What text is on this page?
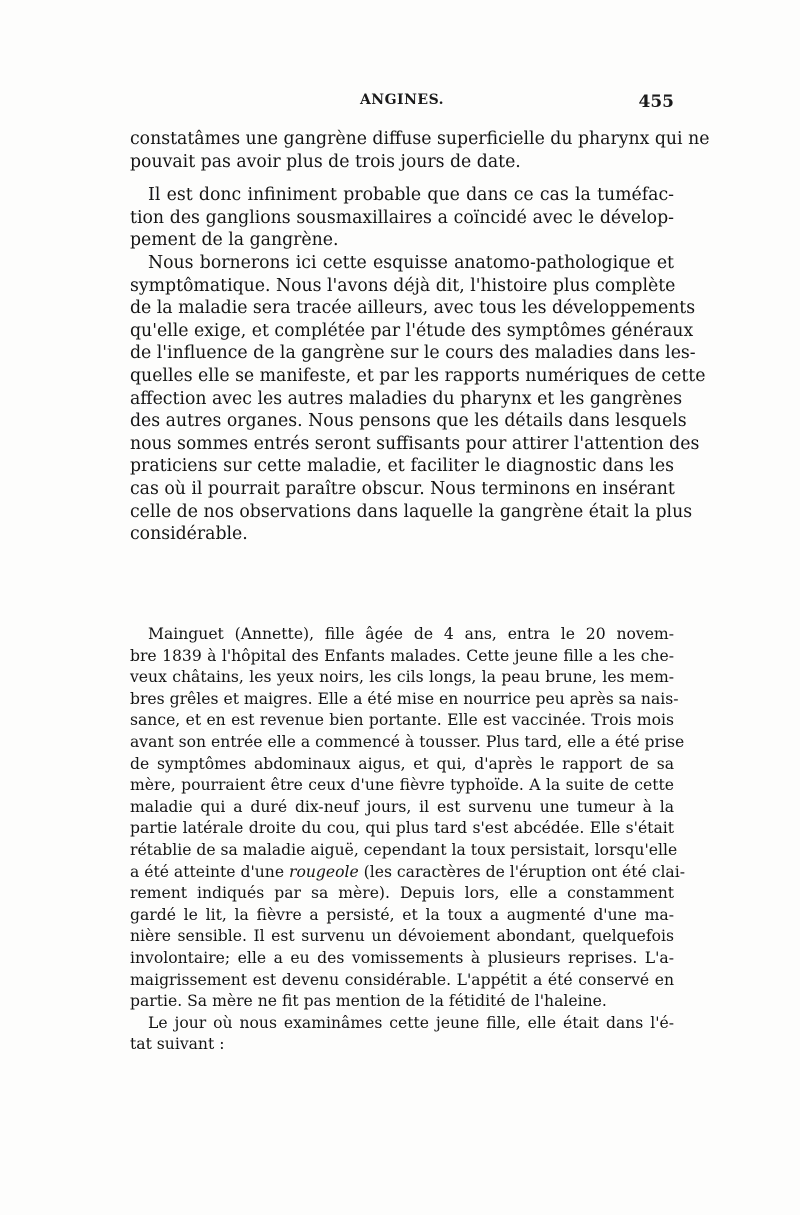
ANGINES.	455

constatâmes une gangrène diffuse superficielle du pharynx qui ne
pouvait pas avoir plus de trois jours de date.

Il est donc infiniment probable que dans ce cas la tuméfac-
tion des ganglions sousmaxillaires a coïncidé avec le dévelop-
pement de la gangrène.

Nous bornerons ici cette esquisse anatomo-pathologique et
symptômatique. Nous l'avons déjà dit, l'histoire plus complète
de la maladie sera tracée ailleurs, avec tous les développements
qu'elle exige, et complétée par l'étude des symptômes généraux
de l'influence de la gangrène sur le cours des maladies dans les-
quelles elle se manifeste, et par les rapports numériques de cette
affection avec les autres maladies du pharynx et les gangrènes
des autres organes. Nous pensons que les détails dans lesquels
nous sommes entrés seront suffisants pour attirer l'attention des
praticiens sur cette maladie, et faciliter le diagnostic dans les
cas où il pourrait paraître obscur. Nous terminons en insérant
celle de nos observations dans laquelle la gangrène était la plus
considérable.

Mainguet (Annette), fille âgée de 4 ans, entra le 20 novem-
bre 1839 à l'hôpital des Enfants malades. Cette jeune fille a les che-
veux châtains, les yeux noirs, les cils longs, la peau brune, les mem-
bres grêles et maigres. Elle a été mise en nourrice peu après sa nais-
sance, et en est revenue bien portante. Elle est vaccinée. Trois mois
avant son entrée elle a commencé à tousser. Plus tard, elle a été prise
de symptômes abdominaux aigus, et qui, d'après le rapport de sa
mère, pourraient être ceux d'une fièvre typhoïde. A la suite de cette
maladie qui a duré dix-neuf jours, il est survenu une tumeur à la
partie latérale droite du cou, qui plus tard s'est abcédée. Elle s'était
rétablie de sa maladie aiguë, cependant la toux persistait, lorsqu'elle
a été atteinte d'une rougeole (les caractères de l'éruption ont été clai-
rement indiqués par sa mère). Depuis lors, elle a constamment
gardé le lit, la fièvre a persisté, et la toux a augmenté d'une ma-
nière sensible. Il est survenu un dévoiement abondant, quelquefois
involontaire; elle a eu des vomissements à plusieurs reprises. L'a-
maigrissement est devenu considérable. L'appétit a été conservé en
partie. Sa mère ne fit pas mention de la fétidité de l'haleine.

Le jour où nous examinâmes cette jeune fille, elle était dans l'é-
tat suivant :
